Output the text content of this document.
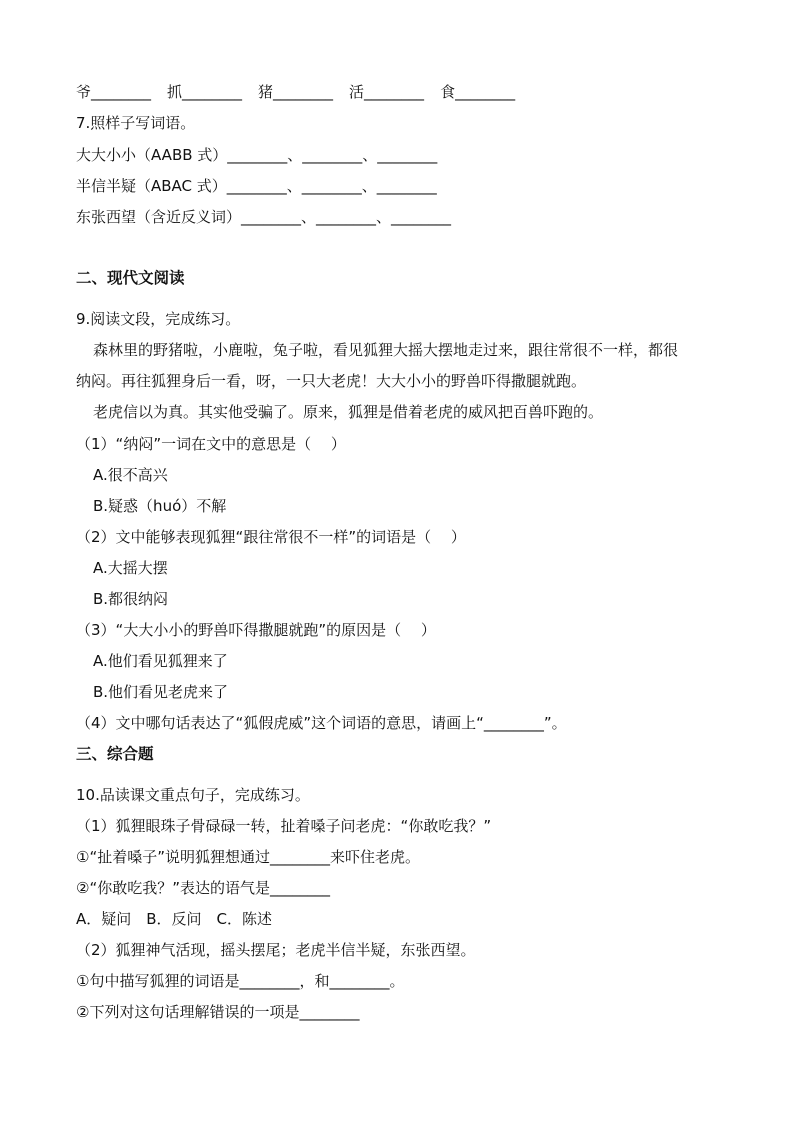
爷________ 抓________ 猪________ 活________ 食________
7.照样子写词语。
大大小小（AABB 式）________、________、________
半信半疑（ABAC 式）________、________、________
东张西望（含近反义词）________、________、________
二、现代文阅读
9.阅读文段，完成练习。
森林里的野猪啦，小鹿啦，兔子啦，看见狐狸大摇大摆地走过来，跟往常很不一样，都很
纳闷。再往狐狸身后一看，呀，一只大老虎！大大小小的野兽吓得撒腿就跑。
老虎信以为真。其实他受骗了。原来，狐狸是借着老虎的威风把百兽吓跑的。
（1）“纳闷”一词在文中的意思是（　 ）
A.很不高兴
B.疑惑（huó）不解
（2）文中能够表现狐狸“跟往常很不一样”的词语是（　 ）
A.大摇大摆
B.都很纳闷
（3）“大大小小的野兽吓得撒腿就跑”的原因是（　 ）
A.他们看见狐狸来了
B.他们看见老虎来了
（4）文中哪句话表达了“狐假虎威”这个词语的意思，请画上“________”。
三、综合题
10.品读课文重点句子，完成练习。
（1）狐狸眼珠子骨碌碌一转，扯着嗓子问老虎：“你敢吃我？”
①“扯着嗓子”说明狐狸想通过________来吓住老虎。
②“你敢吃我？”表达的语气是________
A．疑问　B．反问　C．陈述
（2）狐狸神气活现，摇头摆尾；老虎半信半疑，东张西望。
①句中描写狐狸的词语是________，和________。
②下列对这句话理解错误的一项是________
